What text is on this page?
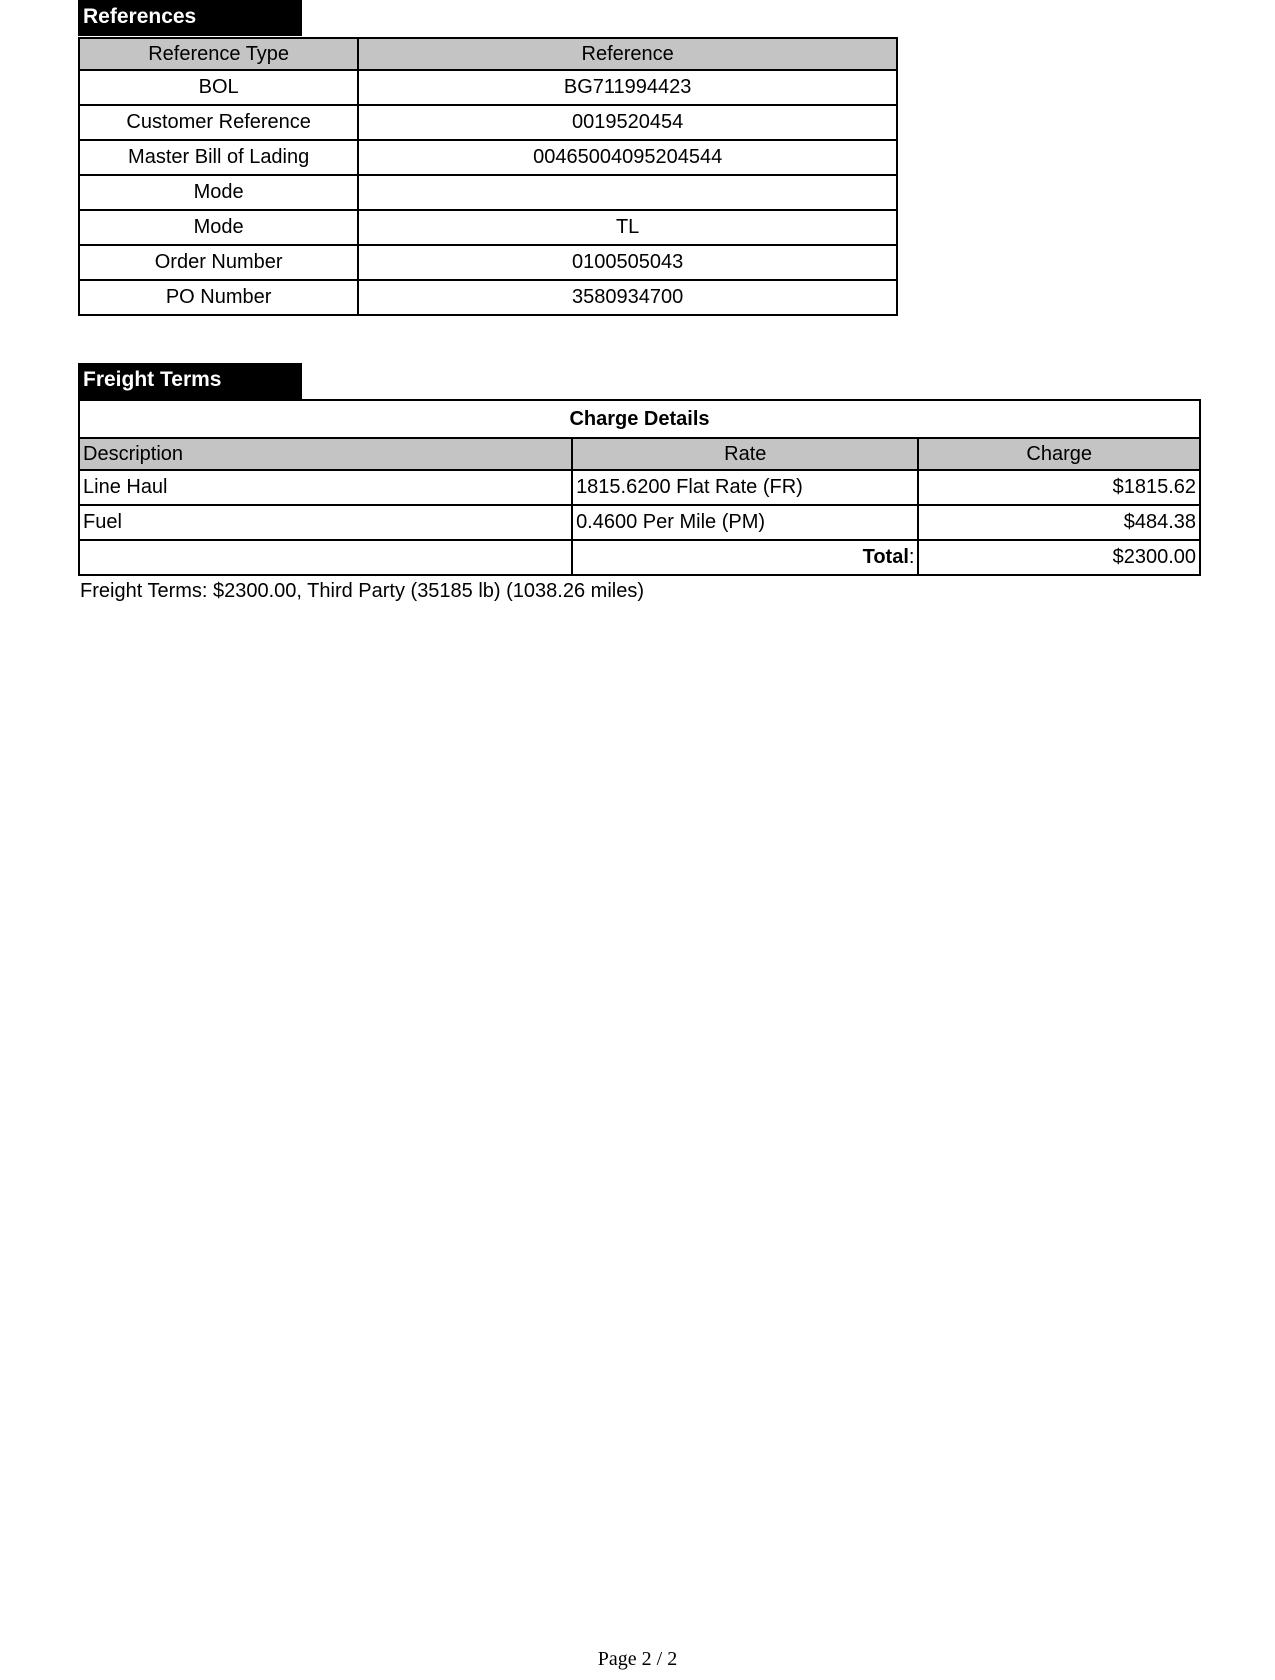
References
Reference Type	Reference
BOL	BG711994423
Customer Reference	0019520454
Master Bill of Lading	00465004095204544
Mode	
Mode	TL
Order Number	0100505043
PO Number	3580934700
Freight Terms
Charge Details		
Description	Rate	Charge
Line Haul	1815.6200 Flat Rate (FR)	$1815.62
Fuel	0.4600 Per Mile (PM)	$484.38
	Total:	$2300.00
Freight Terms: $2300.00, Third Party (35185 lb) (1038.26 miles)
Page 2 / 2
